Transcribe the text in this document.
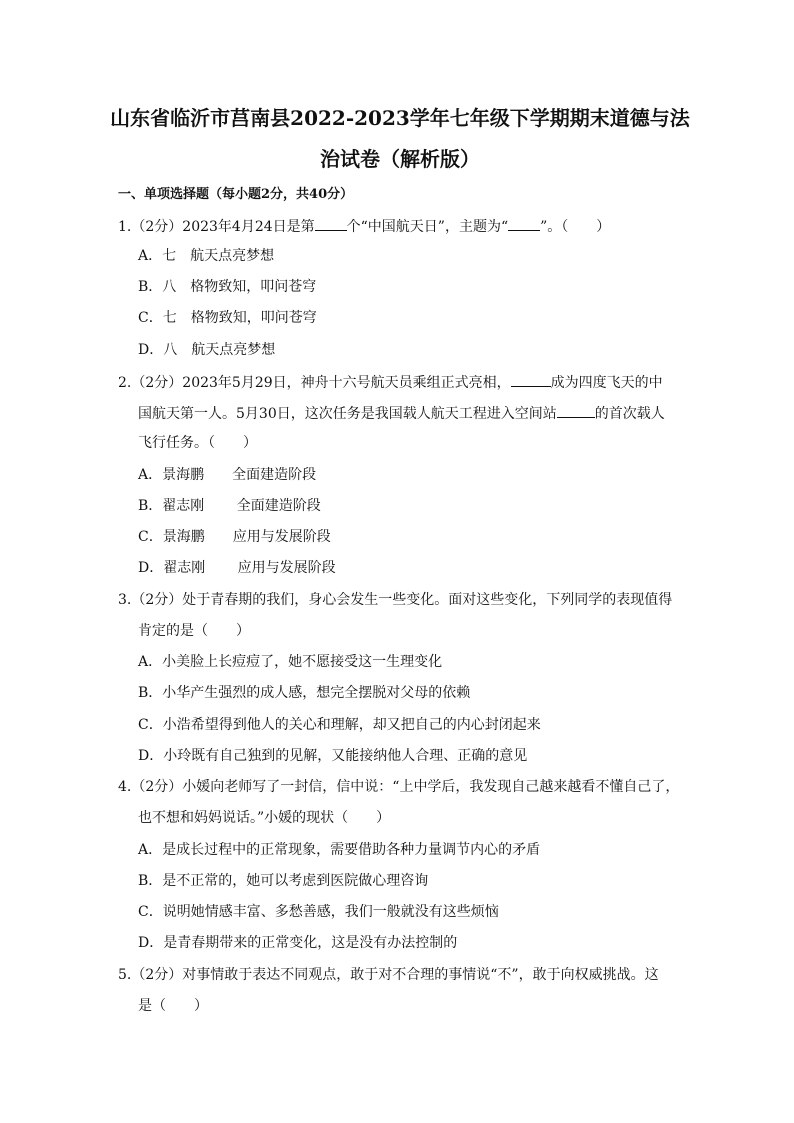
山东省临沂市莒南县2022-2023学年七年级下学期期末道德与法
治试卷（解析版）
一、单项选择题（每小题2分，共40分）
1.（2分）2023年4月24日是第 个“中国航天日”，主题为“ ”。（　　）
A．七　航天点亮梦想
B．八　格物致知，叩问苍穹
C．七　格物致知，叩问苍穹
D．八　航天点亮梦想
2.（2分）2023年5月29日，神舟十六号航天员乘组正式亮相，	成为四度飞天的中
国航天第一人。5月30日，这次任务是我国载人航天工程进入空间站	的首次载人
飞行任务。（　　）
A．景海鹏　　全面建造阶段
B．翟志刚　　 全面建造阶段
C．景海鹏　　应用与发展阶段
D．翟志刚　　 应用与发展阶段
3.（2分）处于青春期的我们，身心会发生一些变化。面对这些变化，下列同学的表现值得
肯定的是（　　）
A．小美脸上长痘痘了，她不愿接受这一生理变化
B．小华产生强烈的成人感，想完全摆脱对父母的依赖
C．小浩希望得到他人的关心和理解，却又把自己的内心封闭起来
D．小玲既有自己独到的见解，又能接纳他人合理、正确的意见
4.（2分）小媛向老师写了一封信，信中说：“上中学后，我发现自己越来越看不懂自己了，
也不想和妈妈说话。”小媛的现状（　　）
A．是成长过程中的正常现象，需要借助各种力量调节内心的矛盾
B．是不正常的，她可以考虑到医院做心理咨询
C．说明她情感丰富、多愁善感，我们一般就没有这些烦恼
D．是青春期带来的正常变化，这是没有办法控制的
5.（2分）对事情敢于表达不同观点，敢于对不合理的事情说“不”，敢于向权威挑战。这
是（　　）
